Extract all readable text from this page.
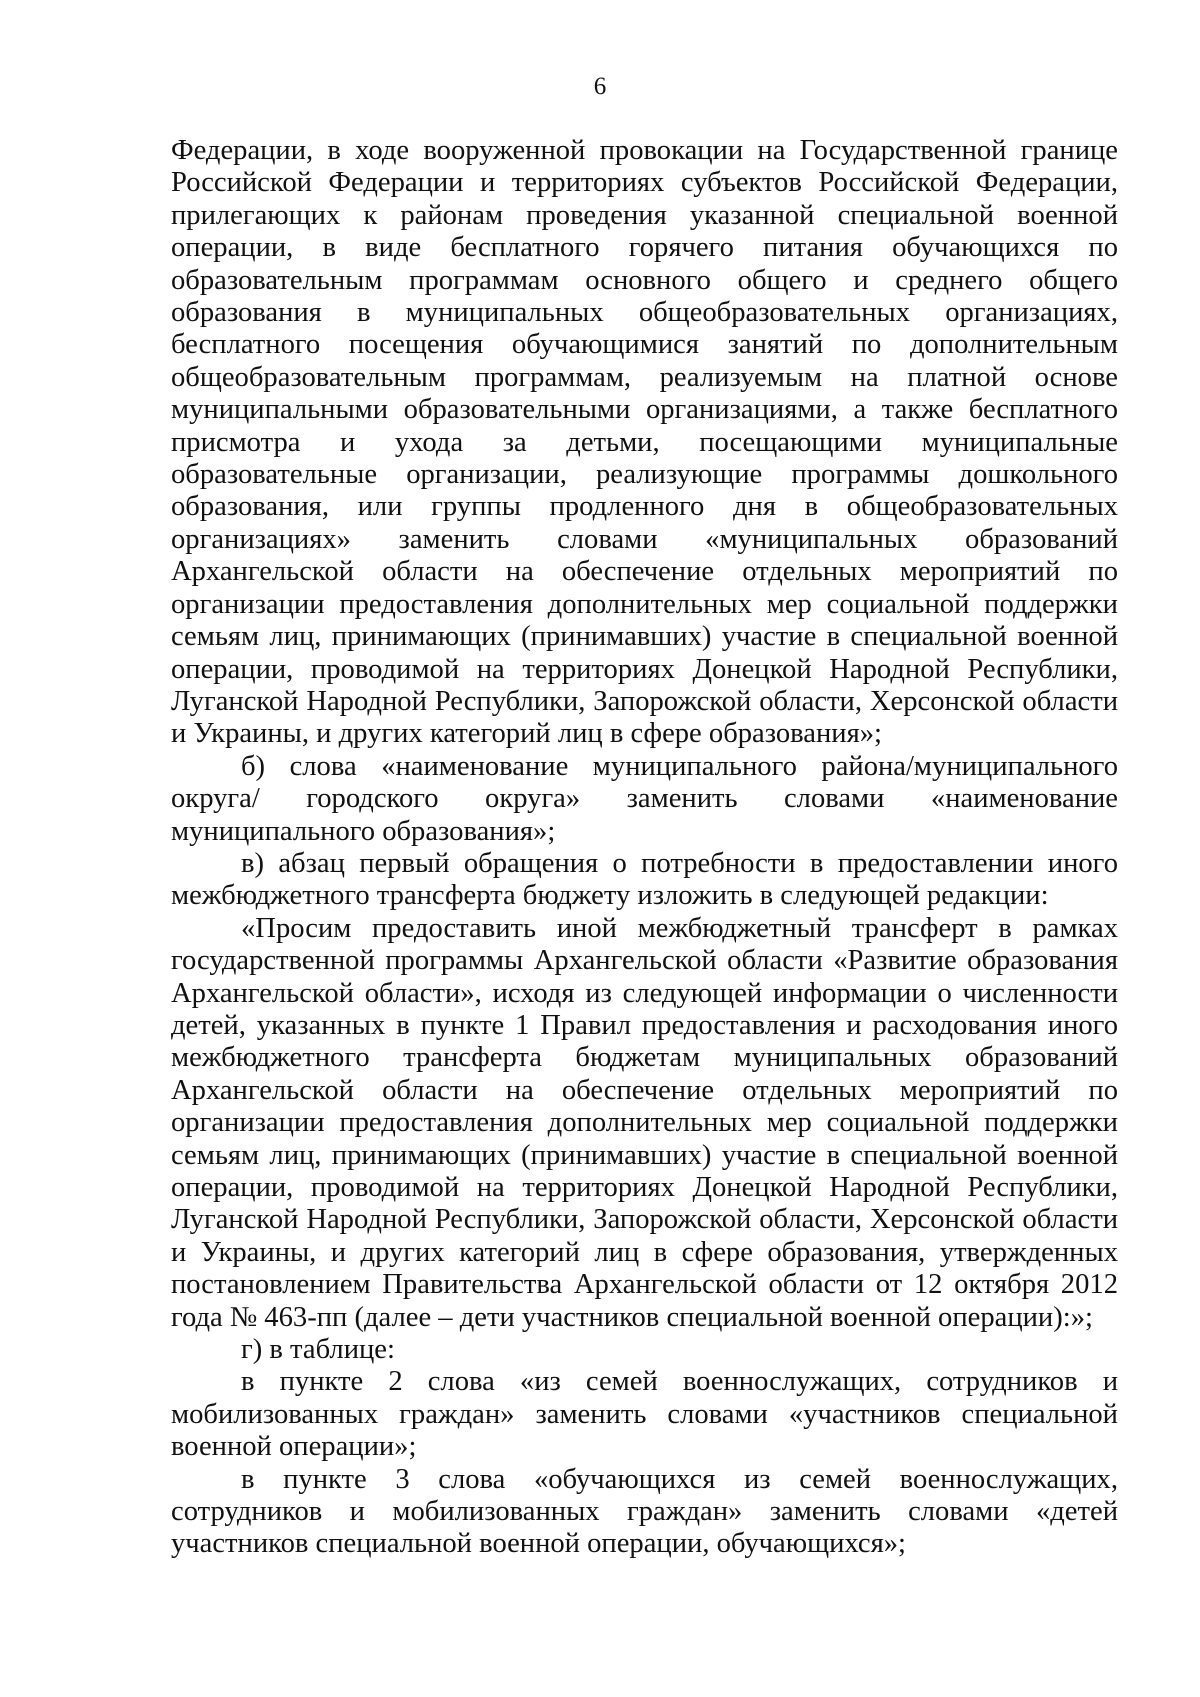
6

Федерации, в ходе вооруженной провокации на Государственной границе Российской Федерации и территориях субъектов Российской Федерации, прилегающих к районам проведения указанной специальной военной операции, в виде бесплатного горячего питания обучающихся по образовательным программам основного общего и среднего общего образования в муниципальных общеобразовательных организациях, бесплатного посещения обучающимися занятий по дополнительным общеобразовательным программам, реализуемым на платной основе муниципальными образовательными организациями, а также бесплатного присмотра и ухода за детьми, посещающими муниципальные образовательные организации, реализующие программы дошкольного образования, или группы продленного дня в общеобразовательных организациях» заменить словами «муниципальных образований Архангельской области на обеспечение отдельных мероприятий по организации предоставления дополнительных мер социальной поддержки семьям лиц, принимающих (принимавших) участие в специальной военной операции, проводимой на территориях Донецкой Народной Республики, Луганской Народной Республики, Запорожской области, Херсонской области и Украины, и других категорий лиц в сфере образования»;

б) слова «наименование муниципального района/муниципального округа/ городского округа» заменить словами «наименование муниципального образования»;

в) абзац первый обращения о потребности в предоставлении иного межбюджетного трансферта бюджету изложить в следующей редакции:

«Просим предоставить иной межбюджетный трансферт в рамках государственной программы Архангельской области «Развитие образования Архангельской области», исходя из следующей информации о численности детей, указанных в пункте 1 Правил предоставления и расходования иного межбюджетного трансферта бюджетам муниципальных образований Архангельской области на обеспечение отдельных мероприятий по организации предоставления дополнительных мер социальной поддержки семьям лиц, принимающих (принимавших) участие в специальной военной операции, проводимой на территориях Донецкой Народной Республики, Луганской Народной Республики, Запорожской области, Херсонской области и Украины, и других категорий лиц в сфере образования, утвержденных постановлением Правительства Архангельской области от 12 октября 2012 года № 463-пп (далее – дети участников специальной военной операции):»;

г) в таблице:

в пункте 2 слова «из семей военнослужащих, сотрудников и мобилизованных граждан» заменить словами «участников специальной военной операции»;

в пункте 3 слова «обучающихся из семей военнослужащих, сотрудников и мобилизованных граждан» заменить словами «детей участников специальной военной операции, обучающихся»;
